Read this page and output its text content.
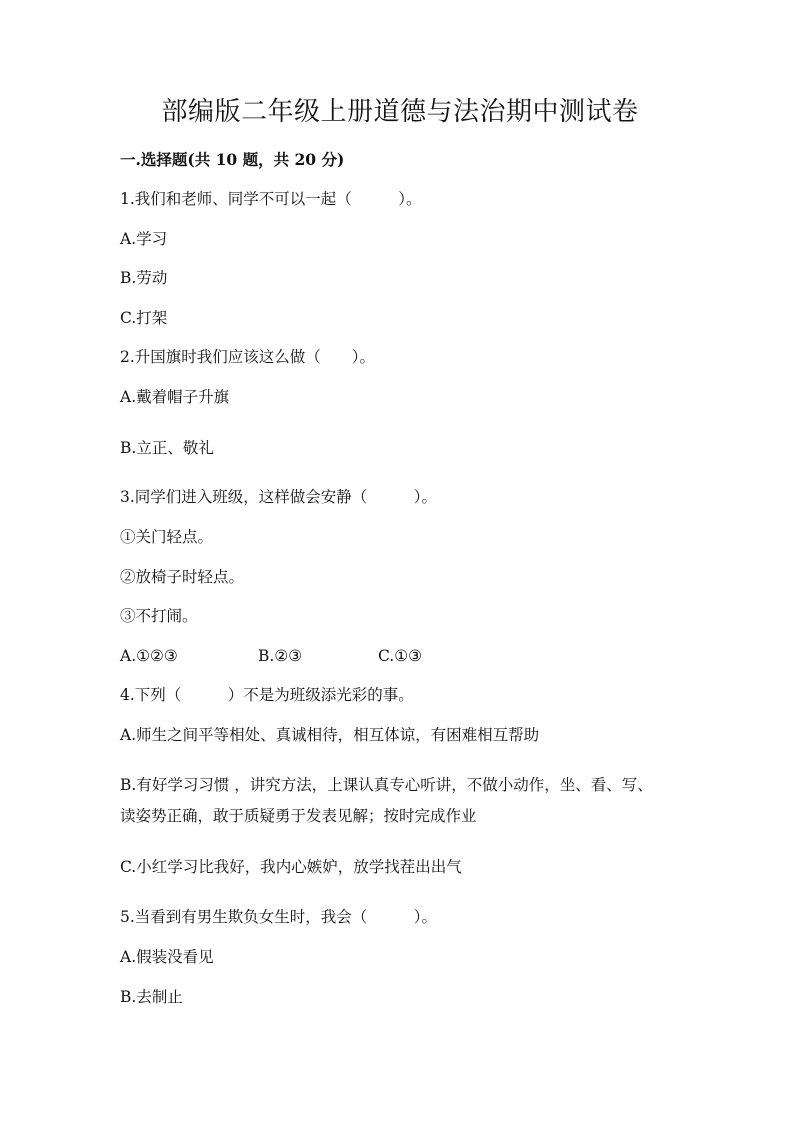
部编版二年级上册道德与法治期中测试卷
一.选择题(共 10 题，共 20 分)
1.我们和老师、同学不可以一起（　　　）。
A.学习
B.劳动
C.打架
2.升国旗时我们应该这么做（　　）。
A.戴着帽子升旗
B.立正、敬礼
3.同学们进入班级，这样做会安静（　　　）。
①关门轻点。
②放椅子时轻点。
③不打闹。
A.①②③	B.②③	C.①③
4.下列（　　　）不是为班级添光彩的事。
A.师生之间平等相处、真诚相待，相互体谅，有困难相互帮助
B.有好学习习惯 ，讲究方法，上课认真专心听讲，不做小动作，坐、看、写、
读姿势正确，敢于质疑勇于发表见解；按时完成作业
C.小红学习比我好，我内心嫉妒，放学找茬出出气
5.当看到有男生欺负女生时，我会（　　　）。
A.假装没看见
B.去制止
